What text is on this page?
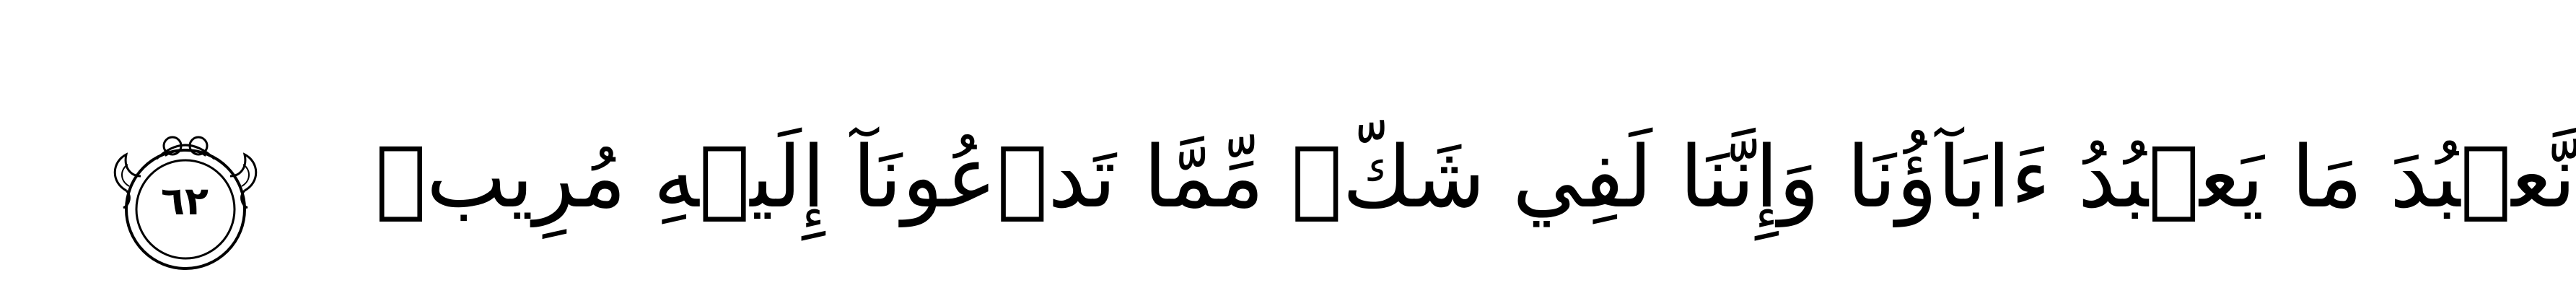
نَّعۡبُدَ مَا يَعۡبُدُ ءَابَآؤُنَا وَإِنَّنَا لَفِي شَكّٖ مِّمَّا تَدۡعُونَآ إِلَيۡهِ مُرِيبٖ
٦٢
